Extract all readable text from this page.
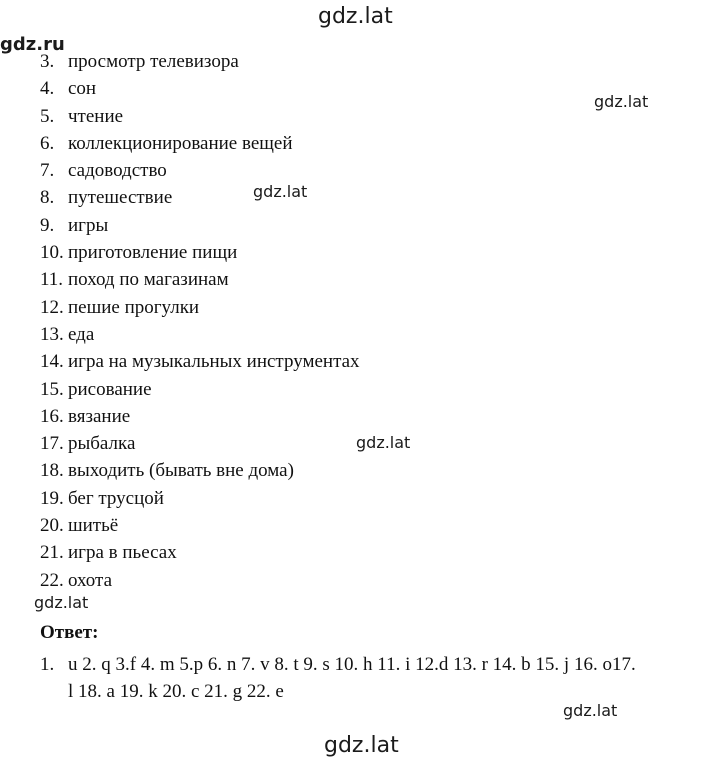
gdz.lat
gdz.ru
gdz.lat
gdz.lat
gdz.lat
gdz.lat
gdz.lat
gdz.lat
3. просмотр телевизора
4. сон
5. чтение
6. коллекционирование вещей
7. садоводство
8. путешествие
9. игры
10. приготовление пищи
11. поход по магазинам
12. пешие прогулки
13. еда
14. игра на музыкальных инструментах
15. рисование
16. вязание
17. рыбалка
18. выходить (бывать вне дома)
19. бег трусцой
20. шитьё
21. игра в пьесах
22. охота
Ответ:
1. u 2. q 3.f 4. m 5.p 6. n 7. v 8. t 9. s 10. h 11. i 12.d 13. r 14. b 15. j 16. o17.
l 18. a 19. k 20. c 21. g 22. e
